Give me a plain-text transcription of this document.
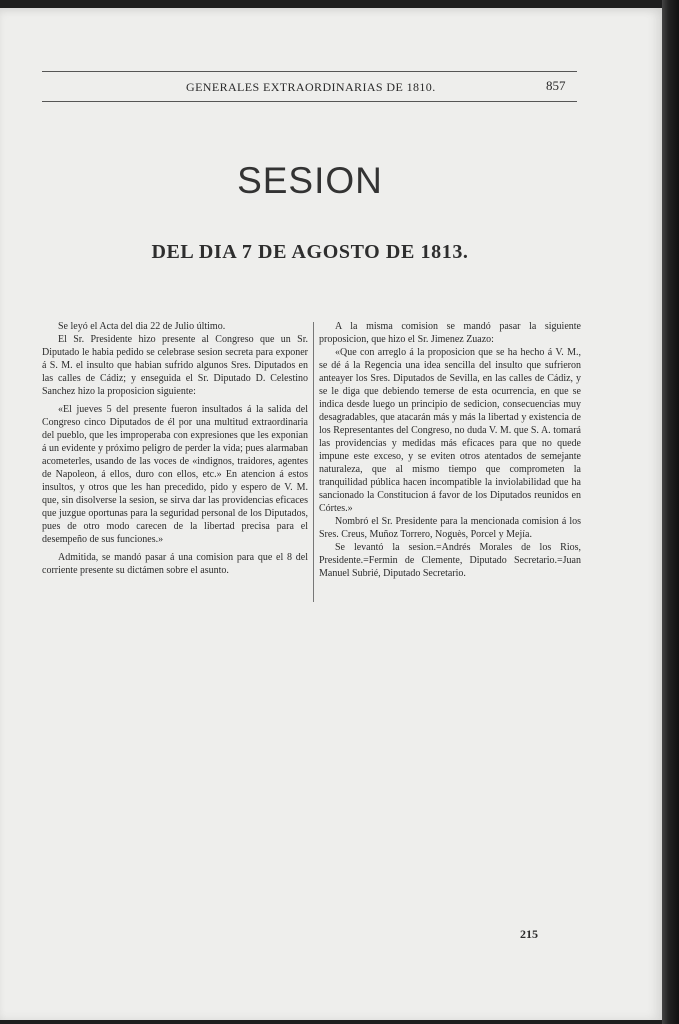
GENERALES EXTRAORDINARIAS DE 1810.	857
SESION
DEL DIA 7 DE AGOSTO DE 1813.

Se leyó el Acta del dia 22 de Julio último.

El Sr. Presidente hizo presente al Congreso que un Sr. Diputado le habia pedido se celebrase sesion secreta para exponer á S. M. el insulto que habian sufrido algunos Sres. Diputados en las calles de Cádiz; y enseguida el Sr. Diputado D. Celestino Sanchez hizo la proposicion siguiente:

«El jueves 5 del presente fueron insultados á la salida del Congreso cinco Diputados de él por una multitud extraordinaria del pueblo, que les improperaba con expresiones que les exponian á un evidente y próximo peligro de perder la vida; pues alarmaban acometerles, usando de las voces de «indignos, traidores, agentes de Napoleon, á ellos, duro con ellos, etc.» En atencion á estos insultos, y otros que les han precedido, pido y espero de V. M. que, sin disolverse la sesion, se sirva dar las providencias eficaces que juzgue oportunas para la seguridad personal de los Diputados, pues de otro modo carecen de la libertad precisa para el desempeño de sus funciones.»

Admitida, se mandó pasar á una comision para que el 8 del corriente presente su dictámen sobre el asunto.

A la misma comision se mandó pasar la siguiente proposicion, que hizo el Sr. Jimenez Zuazo:

«Que con arreglo á la proposicion que se ha hecho á V. M., se dé á la Regencia una idea sencilla del insulto que sufrieron anteayer los Sres. Diputados de Sevilla, en las calles de Cádiz, y se le diga que debiendo temerse de esta ocurrencia, en que se indica desde luego un principio de sedicion, consecuencias muy desagradables, que atacarán más y más la libertad y existencia de los Representantes del Congreso, no duda V. M. que S. A. tomará las providencias y medidas más eficaces para que no quede impune este exceso, y se eviten otros atentados de semejante naturaleza, que al mismo tiempo que comprometen la tranquilidad pública hacen incompatible la inviolabilidad que ha sancionado la Constitucion á favor de los Diputados reunidos en Córtes.»

Nombró el Sr. Presidente para la mencionada comision á los Sres. Creus, Muñoz Torrero, Noguès, Porcel y Mejía.

Se levantó la sesion.=Andrés Morales de los Rios, Presidente.=Fermin de Clemente, Diputado Secretario.=Juan Manuel Subrié, Diputado Secretario.

215
